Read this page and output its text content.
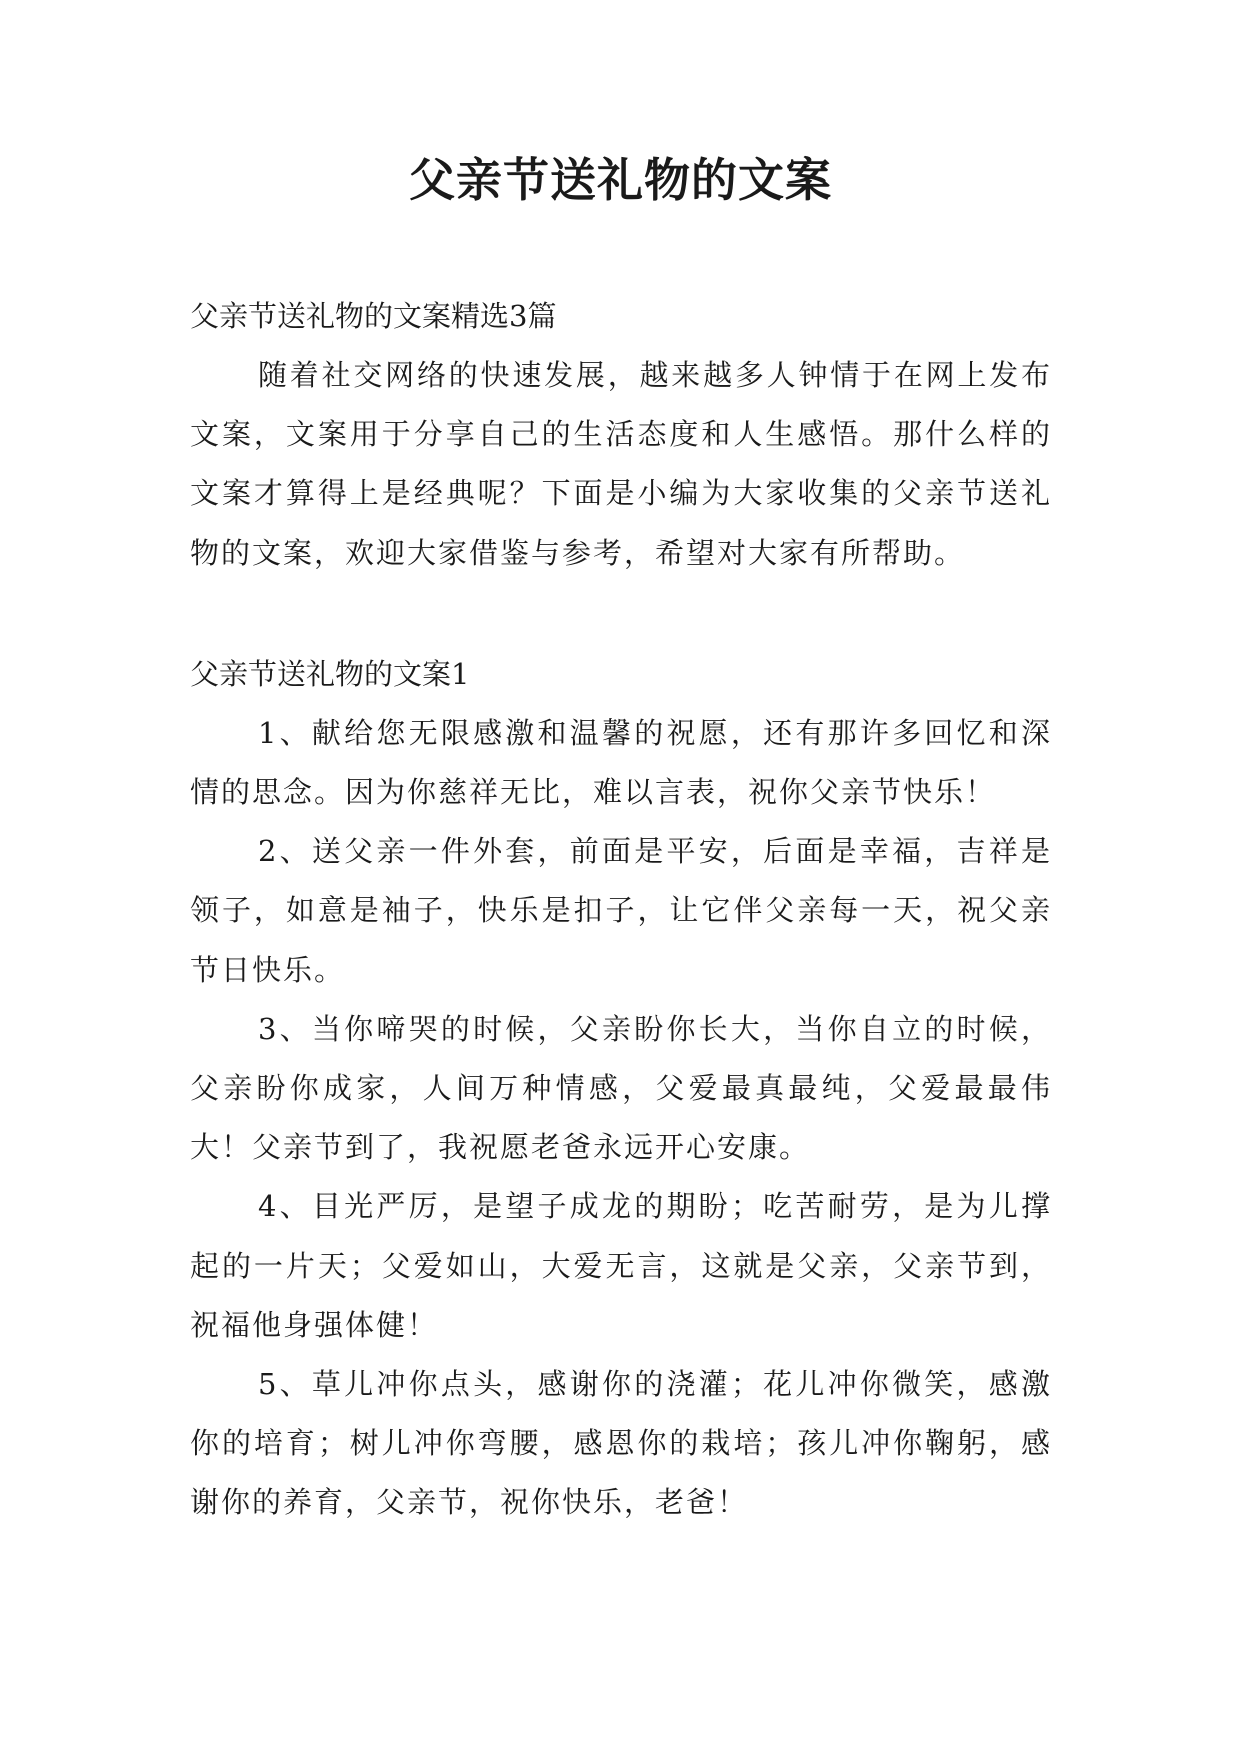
父亲节送礼物的文案

父亲节送礼物的文案精选3篇

随着社交网络的快速发展，越来越多人钟情于在网上发布文案，文案用于分享自己的生活态度和人生感悟。那什么样的文案才算得上是经典呢？下面是小编为大家收集的父亲节送礼物的文案，欢迎大家借鉴与参考，希望对大家有所帮助。

父亲节送礼物的文案1

1、献给您无限感激和温馨的祝愿，还有那许多回忆和深情的思念。因为你慈祥无比，难以言表，祝你父亲节快乐！

2、送父亲一件外套，前面是平安，后面是幸福，吉祥是领子，如意是袖子，快乐是扣子，让它伴父亲每一天，祝父亲节日快乐。

3、当你啼哭的时候，父亲盼你长大，当你自立的时候，父亲盼你成家，人间万种情感，父爱最真最纯，父爱最最伟大！父亲节到了，我祝愿老爸永远开心安康。

4、目光严厉，是望子成龙的期盼；吃苦耐劳，是为儿撑起的一片天；父爱如山，大爱无言，这就是父亲，父亲节到，祝福他身强体健！

5、草儿冲你点头，感谢你的浇灌；花儿冲你微笑，感激你的培育；树儿冲你弯腰，感恩你的栽培；孩儿冲你鞠躬，感谢你的养育，父亲节，祝你快乐，老爸！
